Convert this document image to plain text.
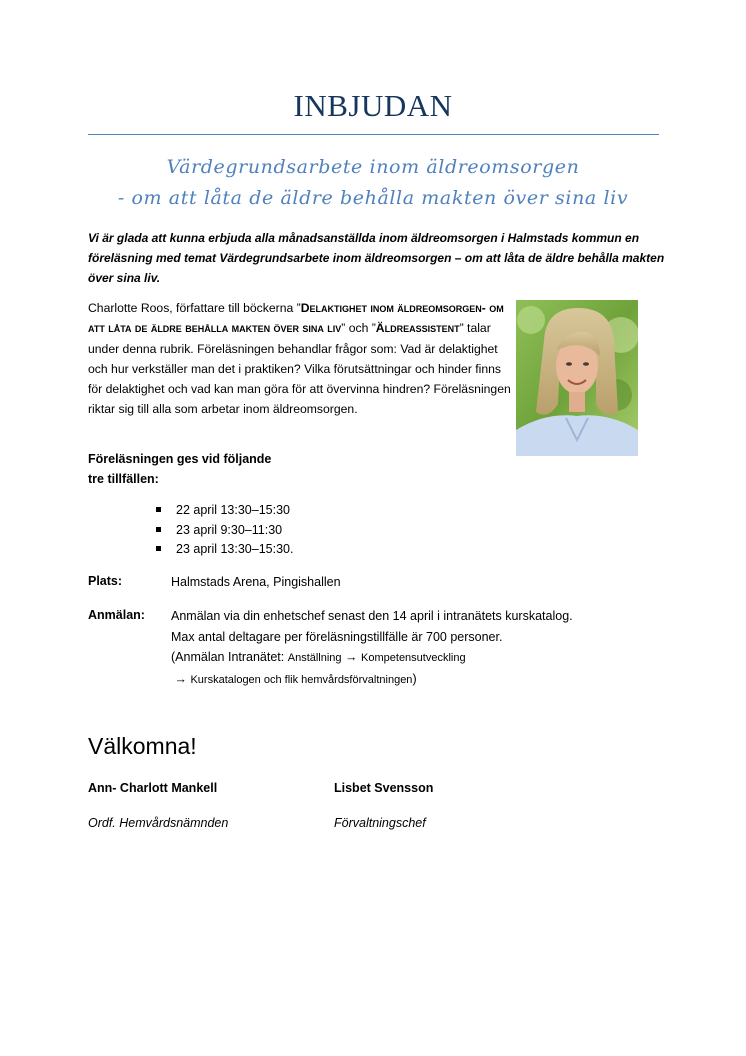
INBJUDAN
Värdegrundsarbete inom äldreomsorgen
- om att låta de äldre behålla makten över sina liv
Vi är glada att kunna erbjuda alla månadsanställda inom äldreomsorgen i Halmstads kommun en föreläsning med temat Värdegrundsarbete inom äldreomsorgen – om att låta de äldre behålla makten över sina liv.
Charlotte Roos, författare till böckerna ”Delaktighet inom äldreomsorgen- om att låta de äldre behålla makten över sina liv” och ”Äldreassistent” talar under denna rubrik. Föreläsningen behandlar frågor som: Vad är delaktighet och hur verkställer man det i praktiken? Vilka förutsättningar och hinder finns för delaktighet och vad kan man göra för att övervinna hindren? Föreläsningen riktar sig till alla som arbetar inom äldreomsorgen.
Föreläsningen ges vid följande
tre tillfällen:
22 april 13:30–15:30
23 april 9:30–11:30
23 april 13:30–15:30.
Plats:	Halmstads Arena, Pingishallen
Anmälan: Anmälan via din enhetschef senast den 14 april i intranätets kurskatalog.
Max antal deltagare per föreläsningstillfälle är 700 personer.
(Anmälan Intranätet: Anställning → Kompetensutveckling
→ Kurskatalogen och flik hemvårdsförvaltningen)
Välkomna!
Ann- Charlott Mankell	Lisbet Svensson
Ordf. Hemvårdsnämnden	Förvaltningschef
